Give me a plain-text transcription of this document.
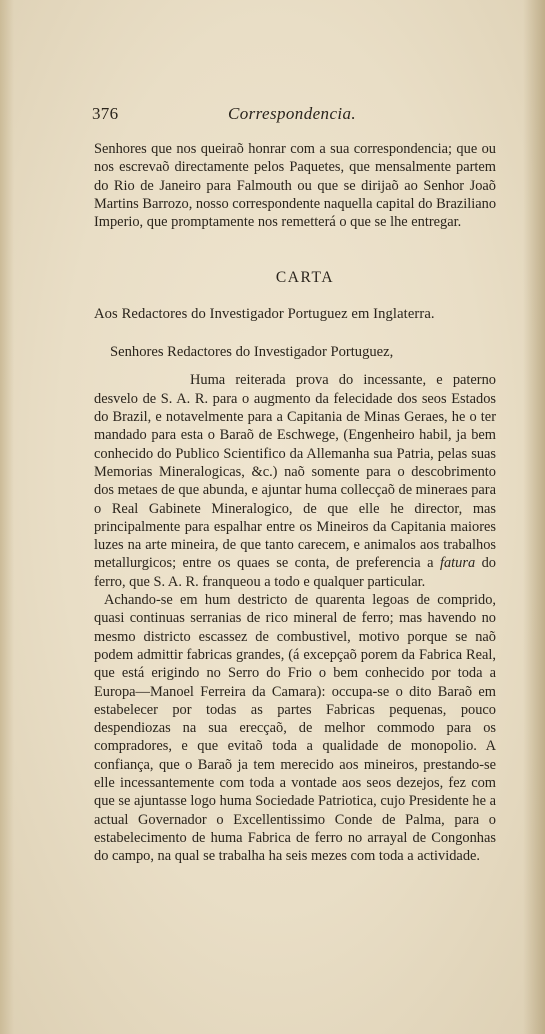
376	Correspondencia.

Senhores que nos queiraõ honrar com a sua correspondencia; que ou nos escrevaõ directamente pelos Paquetes, que mensalmente partem do Rio de Janeiro para Falmouth ou que se dirijaõ ao Senhor Joaõ Martins Barrozo, nosso correspondente naquella capital do Braziliano Imperio, que promptamente nos remetterá o que se lhe entregar.

CARTA
Aos Redactores do Investigador Portuguez em Inglaterra.
Senhores Redactores do Investigador Portuguez,

Huma reiterada prova do incessante, e paterno desvelo de S. A. R. para o augmento da felecidade dos seos Estados do Brazil, e notavelmente para a Capitania de Minas Geraes, he o ter mandado para esta o Baraõ de Eschwege, (Engenheiro habil, ja bem conhecido do Publico Scientifico da Allemanha sua Patria, pelas suas Memorias Mineralogicas, &c.) naõ somente para o descobrimento dos metaes de que abunda, e ajuntar huma collecçaõ de mineraes para o Real Gabinete Mineralogico, de que elle he director, mas principalmente para espalhar entre os Mineiros da Capitania maiores luzes na arte mineira, de que tanto carecem, e animalos aos trabalhos metallurgicos; entre os quaes se conta, de preferencia a fatura do ferro, que S. A. R. franqueou a todo e qualquer particular.

Achando-se em hum destricto de quarenta legoas de comprido, quasi continuas serranias de rico mineral de ferro; mas havendo no mesmo districto escassez de combustivel, motivo porque se naõ podem admittir fabricas grandes, (á excepçaõ porem da Fabrica Real, que está erigindo no Serro do Frio o bem conhecido por toda a Europa—Manoel Ferreira da Camara): occupa-se o dito Baraõ em estabelecer por todas as partes Fabricas pequenas, pouco despendiozas na sua erecçaõ, de melhor commodo para os compradores, e que evitaõ toda a qualidade de monopolio. A confiança, que o Baraõ ja tem merecido aos mineiros, prestando-se elle incessantemente com toda a vontade aos seos dezejos, fez com que se ajuntasse logo huma Sociedade Patriotica, cujo Presidente he a actual Governador o Excellentissimo Conde de Palma, para o estabelecimento de huma Fabrica de ferro no arrayal de Congonhas do campo, na qual se trabalha ha seis mezes com toda a actividade.
